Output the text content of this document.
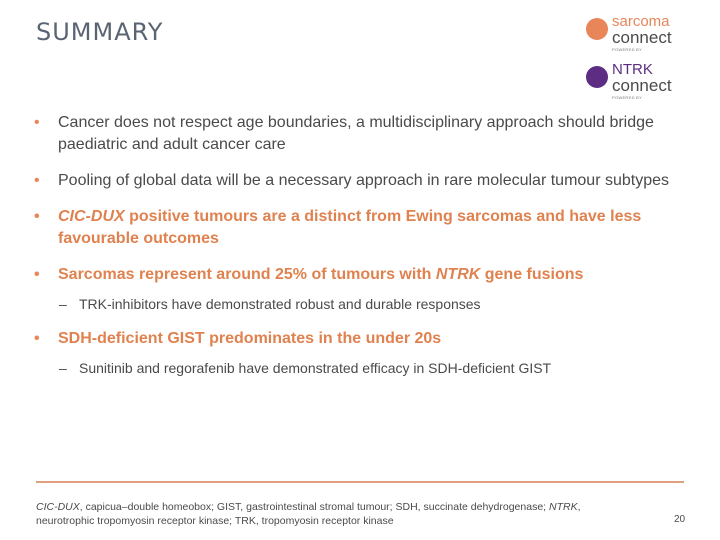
SUMMARY	sarcoma
connect
POWERED BY
NTRK
connect
POWERED BY
• Cancer does not respect age boundaries, a multidisciplinary approach should bridge paediatric and adult cancer care
• Pooling of global data will be a necessary approach in rare molecular tumour subtypes
• CIC-DUX positive tumours are a distinct from Ewing sarcomas and have less favourable outcomes
• Sarcomas represent around 25% of tumours with NTRK gene fusions
– TRK-inhibitors have demonstrated robust and durable responses
• SDH-deficient GIST predominates in the under 20s
– Sunitinib and regorafenib have demonstrated efficacy in SDH-deficient GIST
CIC-DUX, capicua–double homeobox; GIST, gastrointestinal stromal tumour; SDH, succinate dehydrogenase; NTRK, neurotrophic tropomyosin receptor kinase; TRK, tropomyosin receptor kinase	20
